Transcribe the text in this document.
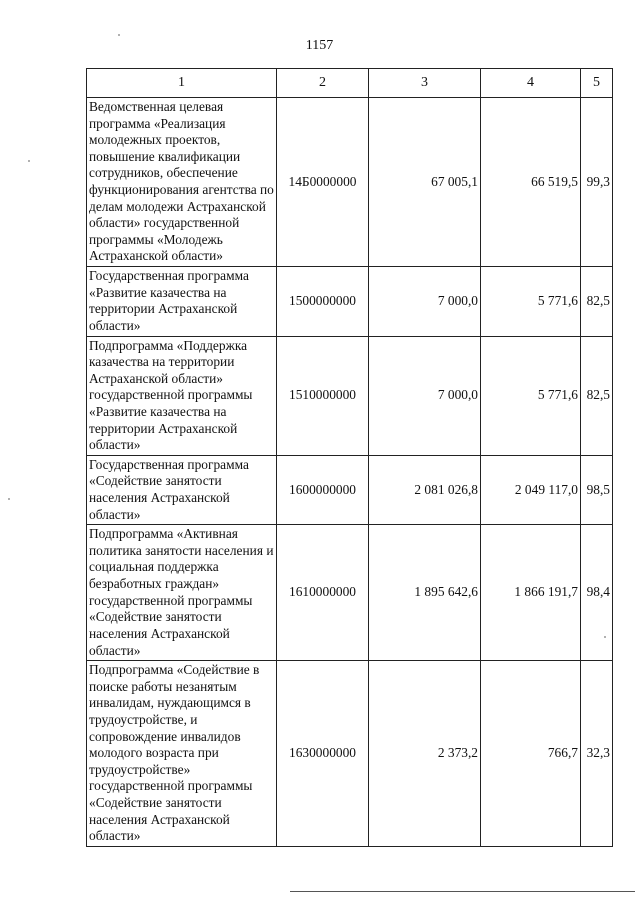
1157
1	2	3	4	5
Ведомственная целевая программа «Реализация молодежных проектов, повышение квалификации сотрудников, обеспечение функционирования агентства по делам молодежи Астраханской области» государственной программы «Молодежь Астраханской области»	14Б0000000	67 005,1	66 519,5	99,3
Государственная программа «Развитие казачества на территории Астраханской области»	1500000000	7 000,0	5 771,6	82,5
Подпрограмма «Поддержка казачества на территории Астраханской области» государственной программы «Развитие казачества на территории Астраханской области»	1510000000	7 000,0	5 771,6	82,5
Государственная программа «Содействие занятости населения Астраханской области»	1600000000	2 081 026,8	2 049 117,0	98,5
Подпрограмма «Активная политика занятости населения и социальная поддержка безработных граждан» государственной программы «Содействие занятости населения Астраханской области»	1610000000	1 895 642,6	1 866 191,7	98,4
Подпрограмма «Содействие в поиске работы незанятым инвалидам, нуждающимся в трудоустройстве, и сопровождение инвалидов молодого возраста при трудоустройстве» государственной программы «Содействие занятости населения Астраханской области»	1630000000	2 373,2	766,7	32,3
